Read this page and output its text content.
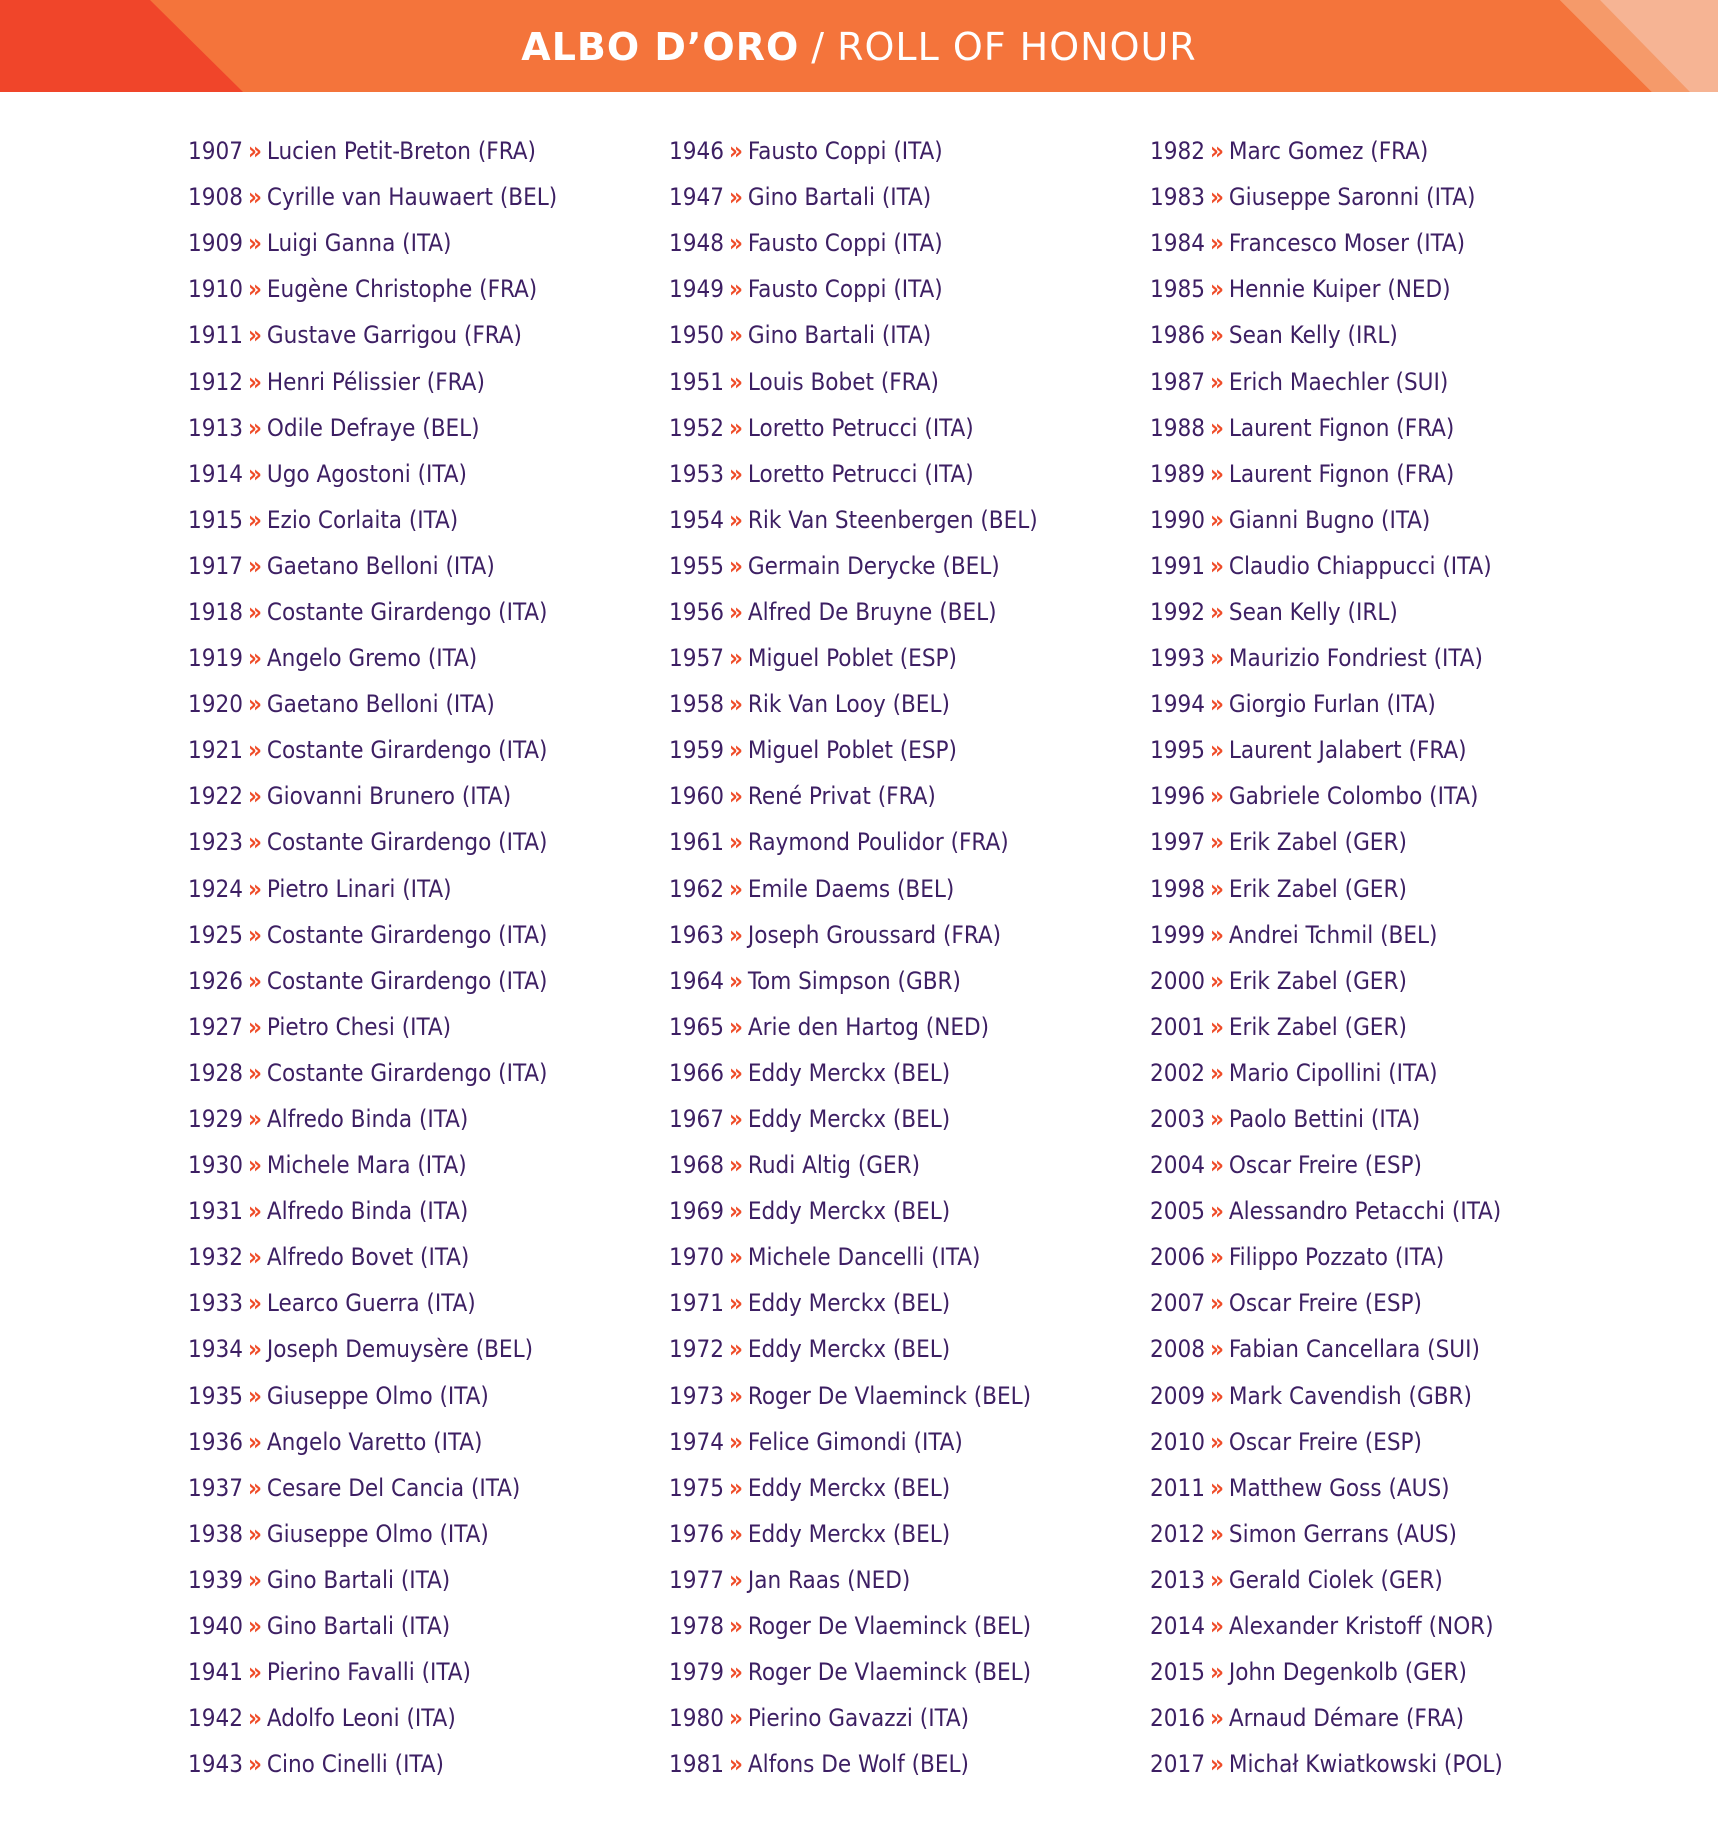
ALBO D’ORO / ROLL OF HONOUR
1907 » Lucien Petit-Breton (FRA)
1908 » Cyrille van Hauwaert (BEL)
1909 » Luigi Ganna (ITA)
1910 » Eugène Christophe (FRA)
1911 » Gustave Garrigou (FRA)
1912 » Henri Pélissier (FRA)
1913 » Odile Defraye (BEL)
1914 » Ugo Agostoni (ITA)
1915 » Ezio Corlaita (ITA)
1917 » Gaetano Belloni (ITA)
1918 » Costante Girardengo (ITA)
1919 » Angelo Gremo (ITA)
1920 » Gaetano Belloni (ITA)
1921 » Costante Girardengo (ITA)
1922 » Giovanni Brunero (ITA)
1923 » Costante Girardengo (ITA)
1924 » Pietro Linari (ITA)
1925 » Costante Girardengo (ITA)
1926 » Costante Girardengo (ITA)
1927 » Pietro Chesi (ITA)
1928 » Costante Girardengo (ITA)
1929 » Alfredo Binda (ITA)
1930 » Michele Mara (ITA)
1931 » Alfredo Binda (ITA)
1932 » Alfredo Bovet (ITA)
1933 » Learco Guerra (ITA)
1934 » Joseph Demuysère (BEL)
1935 » Giuseppe Olmo (ITA)
1936 » Angelo Varetto (ITA)
1937 » Cesare Del Cancia (ITA)
1938 » Giuseppe Olmo (ITA)
1939 » Gino Bartali (ITA)
1940 » Gino Bartali (ITA)
1941 » Pierino Favalli (ITA)
1942 » Adolfo Leoni (ITA)
1943 » Cino Cinelli (ITA)
1946 » Fausto Coppi (ITA)
1947 » Gino Bartali (ITA)
1948 » Fausto Coppi (ITA)
1949 » Fausto Coppi (ITA)
1950 » Gino Bartali (ITA)
1951 » Louis Bobet (FRA)
1952 » Loretto Petrucci (ITA)
1953 » Loretto Petrucci (ITA)
1954 » Rik Van Steenbergen (BEL)
1955 » Germain Derycke (BEL)
1956 » Alfred De Bruyne (BEL)
1957 » Miguel Poblet (ESP)
1958 » Rik Van Looy (BEL)
1959 » Miguel Poblet (ESP)
1960 » René Privat (FRA)
1961 » Raymond Poulidor (FRA)
1962 » Emile Daems (BEL)
1963 » Joseph Groussard (FRA)
1964 » Tom Simpson (GBR)
1965 » Arie den Hartog (NED)
1966 » Eddy Merckx (BEL)
1967 » Eddy Merckx (BEL)
1968 » Rudi Altig (GER)
1969 » Eddy Merckx (BEL)
1970 » Michele Dancelli (ITA)
1971 » Eddy Merckx (BEL)
1972 » Eddy Merckx (BEL)
1973 » Roger De Vlaeminck (BEL)
1974 » Felice Gimondi (ITA)
1975 » Eddy Merckx (BEL)
1976 » Eddy Merckx (BEL)
1977 » Jan Raas (NED)
1978 » Roger De Vlaeminck (BEL)
1979 » Roger De Vlaeminck (BEL)
1980 » Pierino Gavazzi (ITA)
1981 » Alfons De Wolf (BEL)
1982 » Marc Gomez (FRA)
1983 » Giuseppe Saronni (ITA)
1984 » Francesco Moser (ITA)
1985 » Hennie Kuiper (NED)
1986 » Sean Kelly (IRL)
1987 » Erich Maechler (SUI)
1988 » Laurent Fignon (FRA)
1989 » Laurent Fignon (FRA)
1990 » Gianni Bugno (ITA)
1991 » Claudio Chiappucci (ITA)
1992 » Sean Kelly (IRL)
1993 » Maurizio Fondriest (ITA)
1994 » Giorgio Furlan (ITA)
1995 » Laurent Jalabert (FRA)
1996 » Gabriele Colombo (ITA)
1997 » Erik Zabel (GER)
1998 » Erik Zabel (GER)
1999 » Andrei Tchmil (BEL)
2000 » Erik Zabel (GER)
2001 » Erik Zabel (GER)
2002 » Mario Cipollini (ITA)
2003 » Paolo Bettini (ITA)
2004 » Oscar Freire (ESP)
2005 » Alessandro Petacchi (ITA)
2006 » Filippo Pozzato (ITA)
2007 » Oscar Freire (ESP)
2008 » Fabian Cancellara (SUI)
2009 » Mark Cavendish (GBR)
2010 » Oscar Freire (ESP)
2011 » Matthew Goss (AUS)
2012 » Simon Gerrans (AUS)
2013 » Gerald Ciolek (GER)
2014 » Alexander Kristoff (NOR)
2015 » John Degenkolb (GER)
2016 » Arnaud Démare (FRA)
2017 » Michał Kwiatkowski (POL)
